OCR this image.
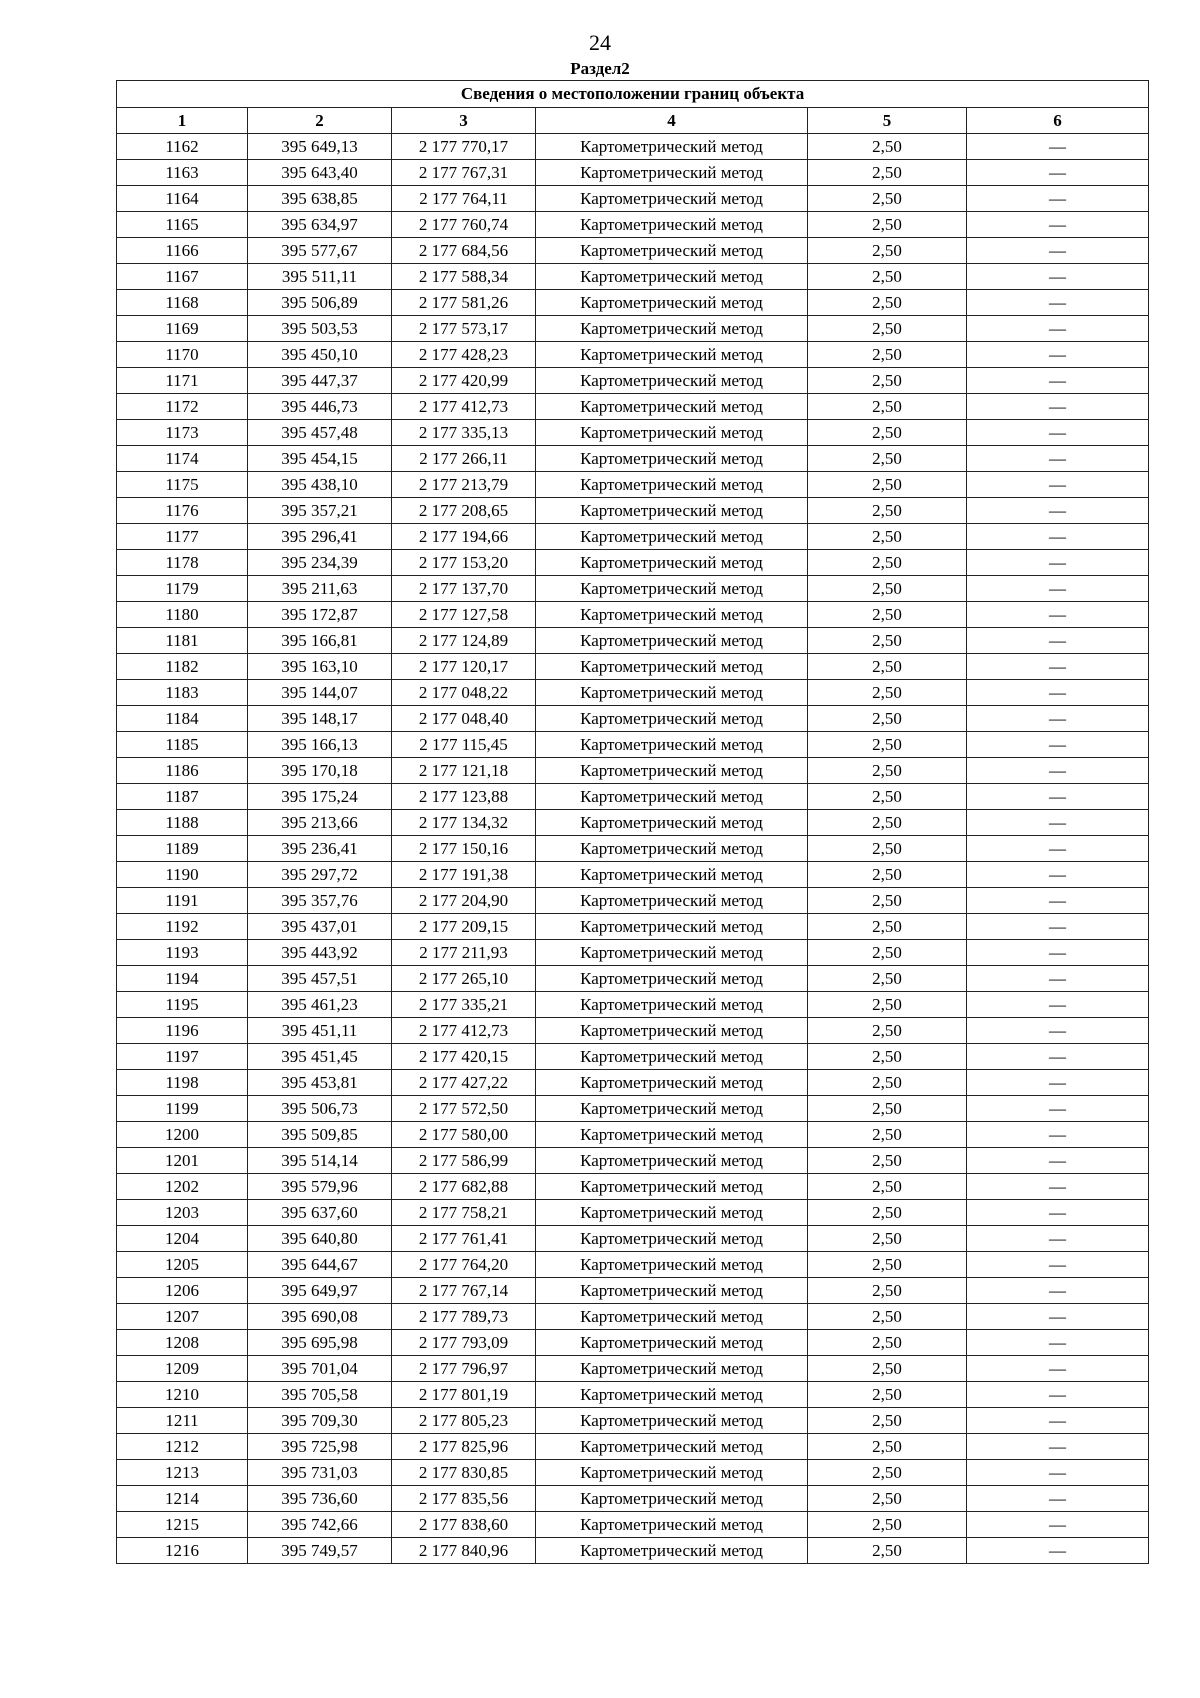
24
Раздел2
Сведения о местоположении границ объекта					
1	2	3	4	5	6
1162	395 649,13	2 177 770,17	Картометрический метод	2,50	—
1163	395 643,40	2 177 767,31	Картометрический метод	2,50	—
1164	395 638,85	2 177 764,11	Картометрический метод	2,50	—
1165	395 634,97	2 177 760,74	Картометрический метод	2,50	—
1166	395 577,67	2 177 684,56	Картометрический метод	2,50	—
1167	395 511,11	2 177 588,34	Картометрический метод	2,50	—
1168	395 506,89	2 177 581,26	Картометрический метод	2,50	—
1169	395 503,53	2 177 573,17	Картометрический метод	2,50	—
1170	395 450,10	2 177 428,23	Картометрический метод	2,50	—
1171	395 447,37	2 177 420,99	Картометрический метод	2,50	—
1172	395 446,73	2 177 412,73	Картометрический метод	2,50	—
1173	395 457,48	2 177 335,13	Картометрический метод	2,50	—
1174	395 454,15	2 177 266,11	Картометрический метод	2,50	—
1175	395 438,10	2 177 213,79	Картометрический метод	2,50	—
1176	395 357,21	2 177 208,65	Картометрический метод	2,50	—
1177	395 296,41	2 177 194,66	Картометрический метод	2,50	—
1178	395 234,39	2 177 153,20	Картометрический метод	2,50	—
1179	395 211,63	2 177 137,70	Картометрический метод	2,50	—
1180	395 172,87	2 177 127,58	Картометрический метод	2,50	—
1181	395 166,81	2 177 124,89	Картометрический метод	2,50	—
1182	395 163,10	2 177 120,17	Картометрический метод	2,50	—
1183	395 144,07	2 177 048,22	Картометрический метод	2,50	—
1184	395 148,17	2 177 048,40	Картометрический метод	2,50	—
1185	395 166,13	2 177 115,45	Картометрический метод	2,50	—
1186	395 170,18	2 177 121,18	Картометрический метод	2,50	—
1187	395 175,24	2 177 123,88	Картометрический метод	2,50	—
1188	395 213,66	2 177 134,32	Картометрический метод	2,50	—
1189	395 236,41	2 177 150,16	Картометрический метод	2,50	—
1190	395 297,72	2 177 191,38	Картометрический метод	2,50	—
1191	395 357,76	2 177 204,90	Картометрический метод	2,50	—
1192	395 437,01	2 177 209,15	Картометрический метод	2,50	—
1193	395 443,92	2 177 211,93	Картометрический метод	2,50	—
1194	395 457,51	2 177 265,10	Картометрический метод	2,50	—
1195	395 461,23	2 177 335,21	Картометрический метод	2,50	—
1196	395 451,11	2 177 412,73	Картометрический метод	2,50	—
1197	395 451,45	2 177 420,15	Картометрический метод	2,50	—
1198	395 453,81	2 177 427,22	Картометрический метод	2,50	—
1199	395 506,73	2 177 572,50	Картометрический метод	2,50	—
1200	395 509,85	2 177 580,00	Картометрический метод	2,50	—
1201	395 514,14	2 177 586,99	Картометрический метод	2,50	—
1202	395 579,96	2 177 682,88	Картометрический метод	2,50	—
1203	395 637,60	2 177 758,21	Картометрический метод	2,50	—
1204	395 640,80	2 177 761,41	Картометрический метод	2,50	—
1205	395 644,67	2 177 764,20	Картометрический метод	2,50	—
1206	395 649,97	2 177 767,14	Картометрический метод	2,50	—
1207	395 690,08	2 177 789,73	Картометрический метод	2,50	—
1208	395 695,98	2 177 793,09	Картометрический метод	2,50	—
1209	395 701,04	2 177 796,97	Картометрический метод	2,50	—
1210	395 705,58	2 177 801,19	Картометрический метод	2,50	—
1211	395 709,30	2 177 805,23	Картометрический метод	2,50	—
1212	395 725,98	2 177 825,96	Картометрический метод	2,50	—
1213	395 731,03	2 177 830,85	Картометрический метод	2,50	—
1214	395 736,60	2 177 835,56	Картометрический метод	2,50	—
1215	395 742,66	2 177 838,60	Картометрический метод	2,50	—
1216	395 749,57	2 177 840,96	Картометрический метод	2,50	—
